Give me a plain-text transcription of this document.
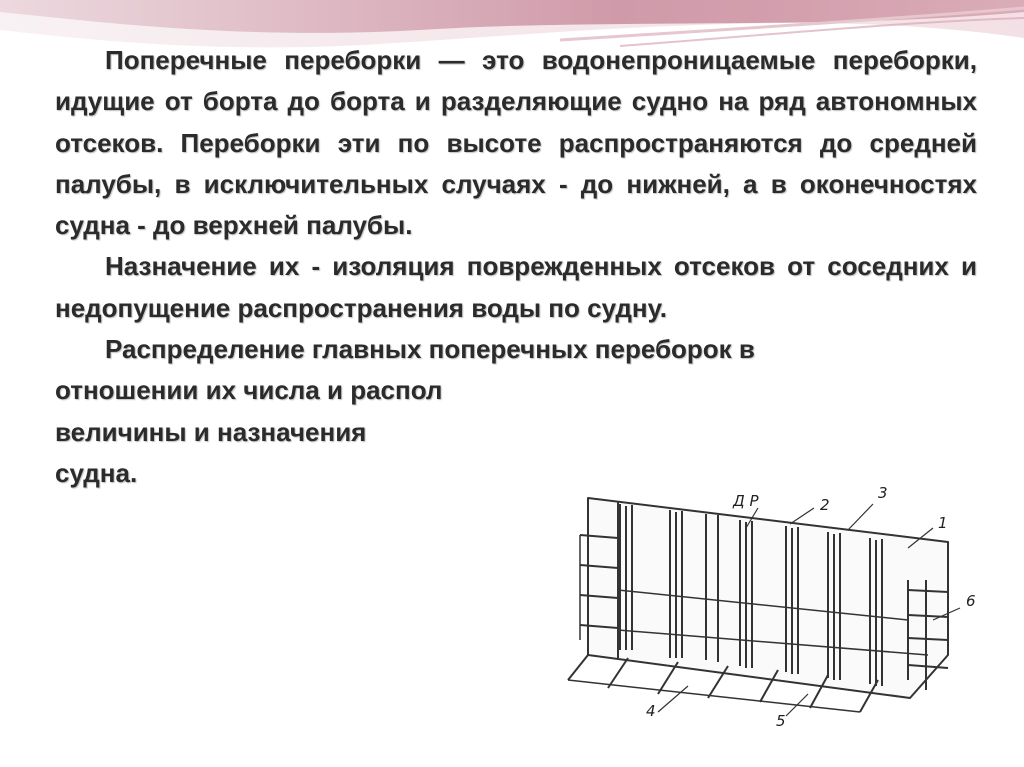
Поперечные переборки — это водонепроницаемые переборки, идущие от борта до борта и разделяющие судно на ряд автономных отсеков. Переборки эти по высоте распространяются до средней палубы, в исключительных случаях - до нижней, а в оконечностях судна - до верхней палубы.

Назначение их - изоляция поврежденных отсеков от соседних и недопущение распространения воды по судну.

Распределение главных поперечных переборок в

отношении их числа и распол
величины и назначения
судна.
Д Р	3
2
1
6
4
5
